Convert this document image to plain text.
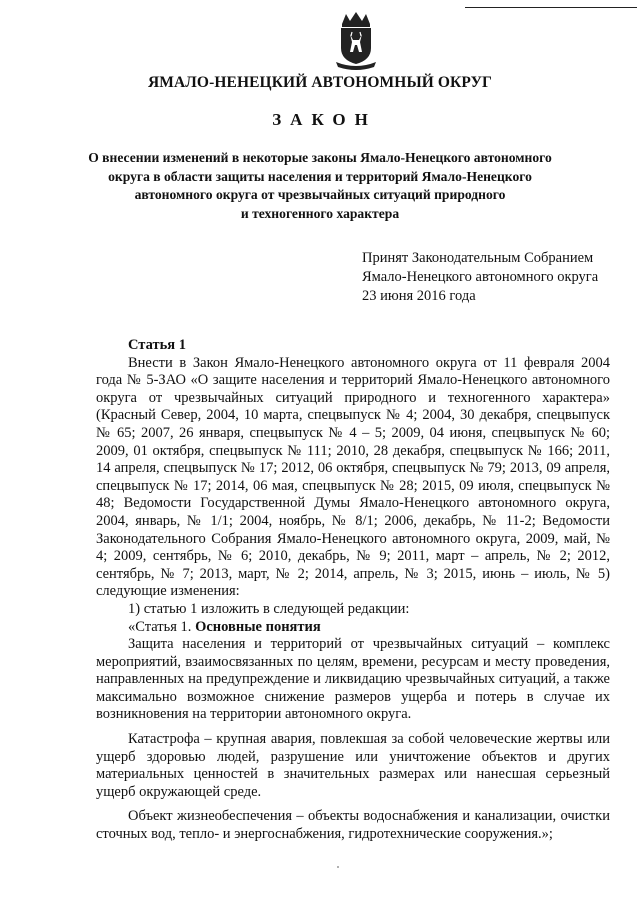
ЯМАЛО-НЕНЕЦКИЙ АВТОНОМНЫЙ ОКРУГ
ЗАКОН
О внесении изменений в некоторые законы Ямало-Ненецкого автономного
округа в области защиты населения и территорий Ямало-Ненецкого
автономного округа от чрезвычайных ситуаций природного
и техногенного характера
Принят Законодательным Собранием
Ямало-Ненецкого автономного округа
23 июня 2016 года

Статья 1

Внести в Закон Ямало-Ненецкого автономного округа от 11 февраля 2004 года № 5-ЗАО «О защите населения и территорий Ямало-Ненецкого автономного округа от чрезвычайных ситуаций природного и техногенного характера» (Красный Север, 2004, 10 марта, спецвыпуск № 4; 2004, 30 декабря, спецвыпуск № 65; 2007, 26 января, спецвыпуск № 4 – 5; 2009, 04 июня, спецвыпуск № 60; 2009, 01 октября, спецвыпуск № 111; 2010, 28 декабря, спецвыпуск № 166; 2011, 14 апреля, спецвыпуск № 17; 2012, 06 октября, спецвыпуск № 79; 2013, 09 апреля, спецвыпуск № 17; 2014, 06 мая, спецвыпуск № 28; 2015, 09 июля, спецвыпуск № 48; Ведомости Государственной Думы Ямало-Ненецкого автономного округа, 2004, январь, № 1/1; 2004, ноябрь, № 8/1; 2006, декабрь, № 11-2; Ведомости Законодательного Собрания Ямало-Ненецкого автономного округа, 2009, май, № 4; 2009, сентябрь, № 6; 2010, декабрь, № 9; 2011, март – апрель, № 2; 2012, сентябрь, № 7; 2013, март, № 2; 2014, апрель, № 3; 2015, июнь – июль, № 5) следующие изменения:

1) статью 1 изложить в следующей редакции:

«Статья 1. Основные понятия

Защита населения и территорий от чрезвычайных ситуаций – комплекс мероприятий, взаимосвязанных по целям, времени, ресурсам и месту проведения, направленных на предупреждение и ликвидацию чрезвычайных ситуаций, а также максимально возможное снижение размеров ущерба и потерь в случае их возникновения на территории автономного округа.

Катастрофа – крупная авария, повлекшая за собой человеческие жертвы или ущерб здоровью людей, разрушение или уничтожение объектов и других материальных ценностей в значительных размерах или нанесшая серьезный ущерб окружающей среде.

Объект жизнеобеспечения – объекты водоснабжения и канализации, очистки сточных вод, тепло- и энергоснабжения, гидротехнические сооружения.»;
